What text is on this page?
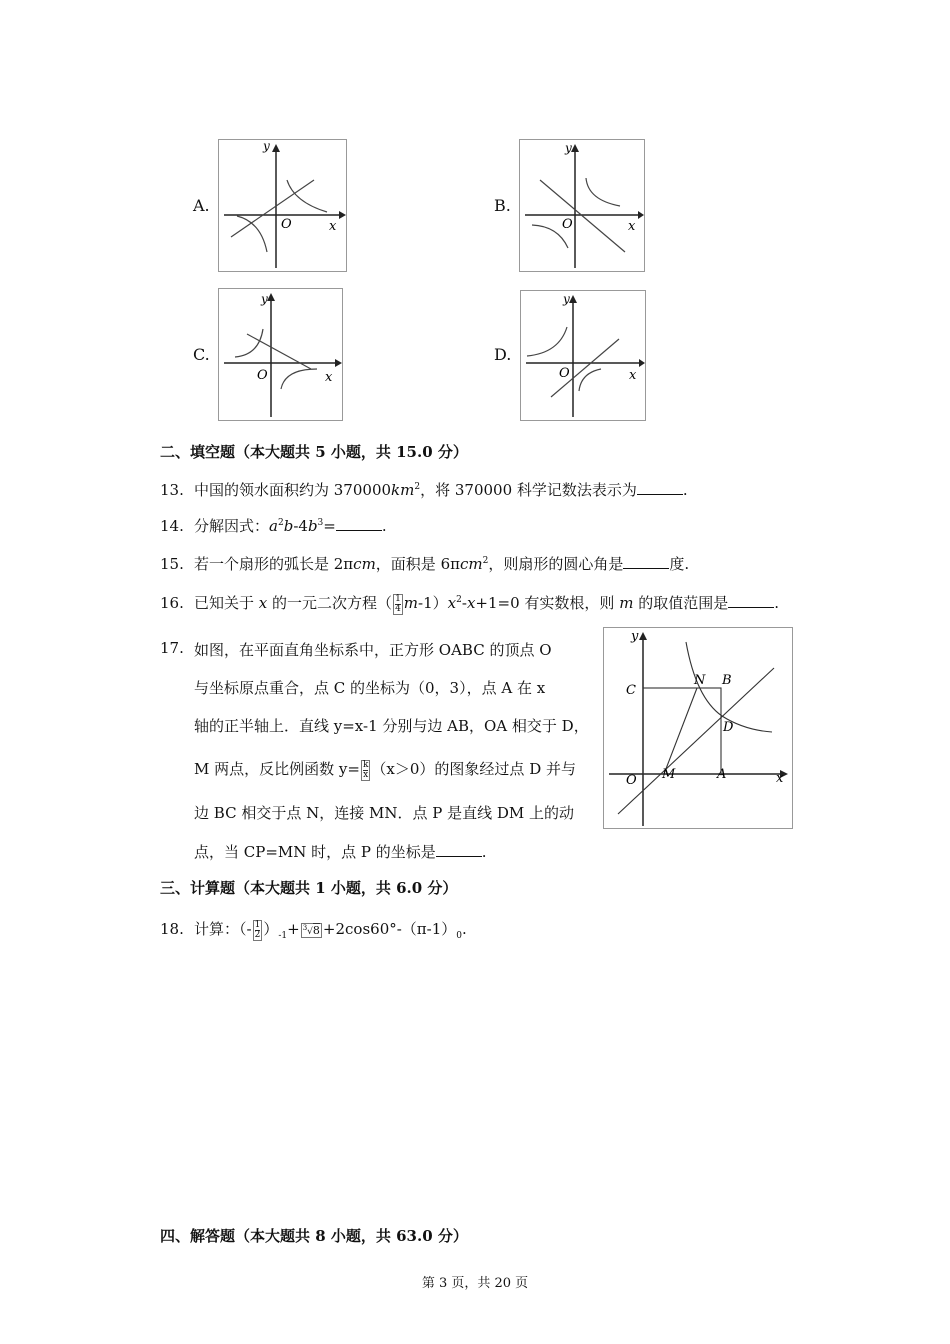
A.
y
x
O
B.
y
x
O
C.
y
x
O
D.
y
x
O
二、填空题（本大题共 5 小题，共 15.0 分）
13. 中国的领水面积约为 $370000km^2$，将 370000 科学记数法表示为	.
14. 分解因式：$a^2b-4b^3=$	.
15. 若一个扇形的弧长是 2πcm，面积是 6πcm$^2$，则扇形的圆心角是	度.
16. 已知关于 x 的一元二次方程（ $\frac{1}{4} m-1)x^2-x+1=0$ 有实数根，则 m 的取值范围是	.
17. 如图，在平面直角坐标系中，正方形 OABC 的顶点 O
与坐标原点重合，点 C 的坐标为（0，3），点 A 在 x
轴的正半轴上．直线 y=x-1 分别与边 AB，OA 相交于 D，
M 两点，反比例函数 $y= \frac{k}{x} (x>0)$的图象经过点 D 并与
边 BC 相交于点 N，连接 MN．点 P 是直线 DM 上的动
点，当 CP=MN 时，点 P 的坐标是	.
y
x
C
N B
D
O M	A
三、计算题（本大题共 1 小题，共 6.0 分）
18. 计算：（- $\frac{1}{2} )_{-1}+ ^3√8 +2\cos 60^\circ-(\pi-1)_0$.
四、解答题（本大题共 8 小题，共 63.0 分）
第 3 页，共 20 页
